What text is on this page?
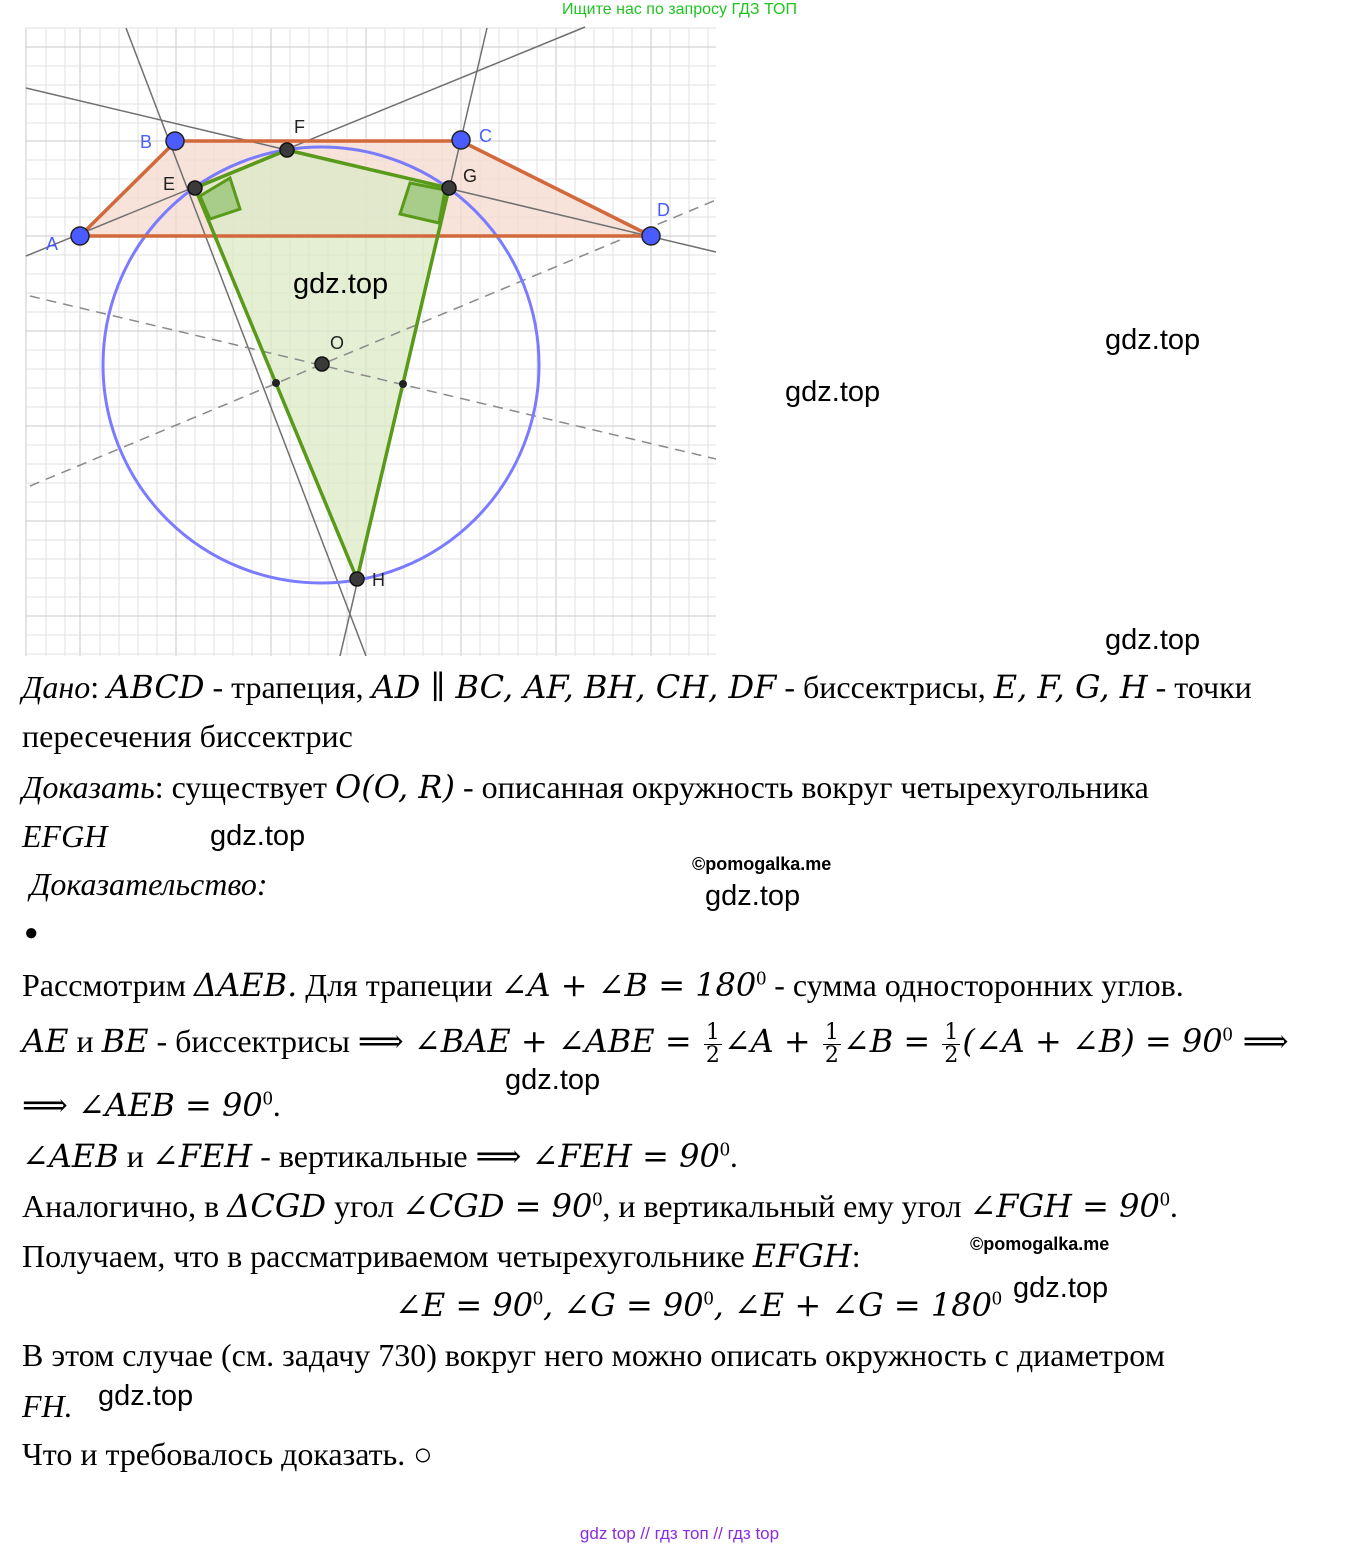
Ищите нас по запросу ГДЗ ТОП
A
B	C
D
E
F
G
H
O
gdz.top
gdz.top
gdz.top
gdz.top
gdz.top
gdz.top
gdz.top
gdz.top
gdz.top
©pomogalka.me
©pomogalka.me
Дано: ABCD - трапеция, AD ∥ BC, AF, BH, CH, DF - биссектрисы, E, F, G, H - точки
пересечения биссектрис
Доказать: существует O(O, R) - описанная окружность вокруг четырехугольника
EFGH
Доказательство:
●
Рассмотрим ΔAEB. Для трапеции ∠A + ∠B = $180^0$ - сумма односторонних углов.
AE и BE - биссектрисы ⟹ ∠BAE + ∠ABE = $\frac{1}{2}$ ∠A + $\frac{1}{2}$ ∠B = $\frac{1}{2}$ (∠A + ∠B) = $90^0$ ⟹
⟹ ∠AEB = $90^0$.
∠AEB и ∠FEH - вертикальные ⟹ ∠FEH = $90^0$.
Аналогично, в ΔCGD угол ∠CGD = $90^0$, и вертикальный ему угол ∠FGH = $90^0$.
Получаем, что в рассматриваемом четырехугольнике EFGH:
∠E = $90^0$, ∠G = $90^0$, ∠E + ∠G = $180^0$
В этом случае (см. задачу 730) вокруг него можно описать окружность с диаметром
FH.
Что и требовалось доказать. ○
gdz top // гдз топ // гдз top
